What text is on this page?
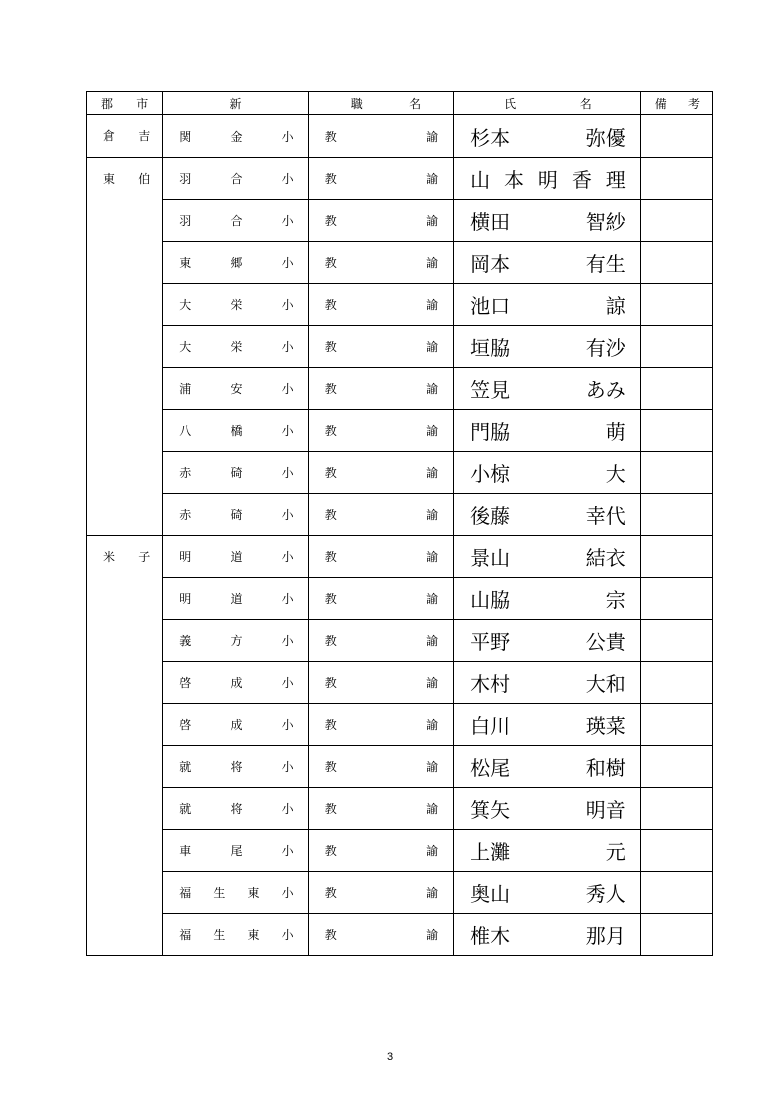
郡 市	新	職 名	氏 名	備 考

倉 吉	関 金 小	教 諭	杉本 弥優	

東 伯	羽 合 小	教 諭	山 本 明 香 理	

	羽 合 小	教 諭	横田 智紗	

	東 郷 小	教 諭	岡本 有生	

	大 栄 小	教 諭	池口 諒	

	大 栄 小	教 諭	垣脇 有沙	

	浦 安 小	教 諭	笠見 あみ	

	八 橋 小	教 諭	門脇 萌	

	赤 碕 小	教 諭	小椋 大	

	赤 碕 小	教 諭	後藤 幸代	

米 子	明 道 小	教 諭	景山 結衣	

	明 道 小	教 諭	山脇 宗	

	義 方 小	教 諭	平野 公貴	

	啓 成 小	教 諭	木村 大和	

	啓 成 小	教 諭	白川 瑛菜	

	就 将 小	教 諭	松尾 和樹	

	就 将 小	教 諭	箕矢 明音	

	車 尾 小	教 諭	上灘 元	

	福 生 東 小	教 諭	奥山 秀人	

	福 生 東 小	教 諭	椎木 那月	

3
